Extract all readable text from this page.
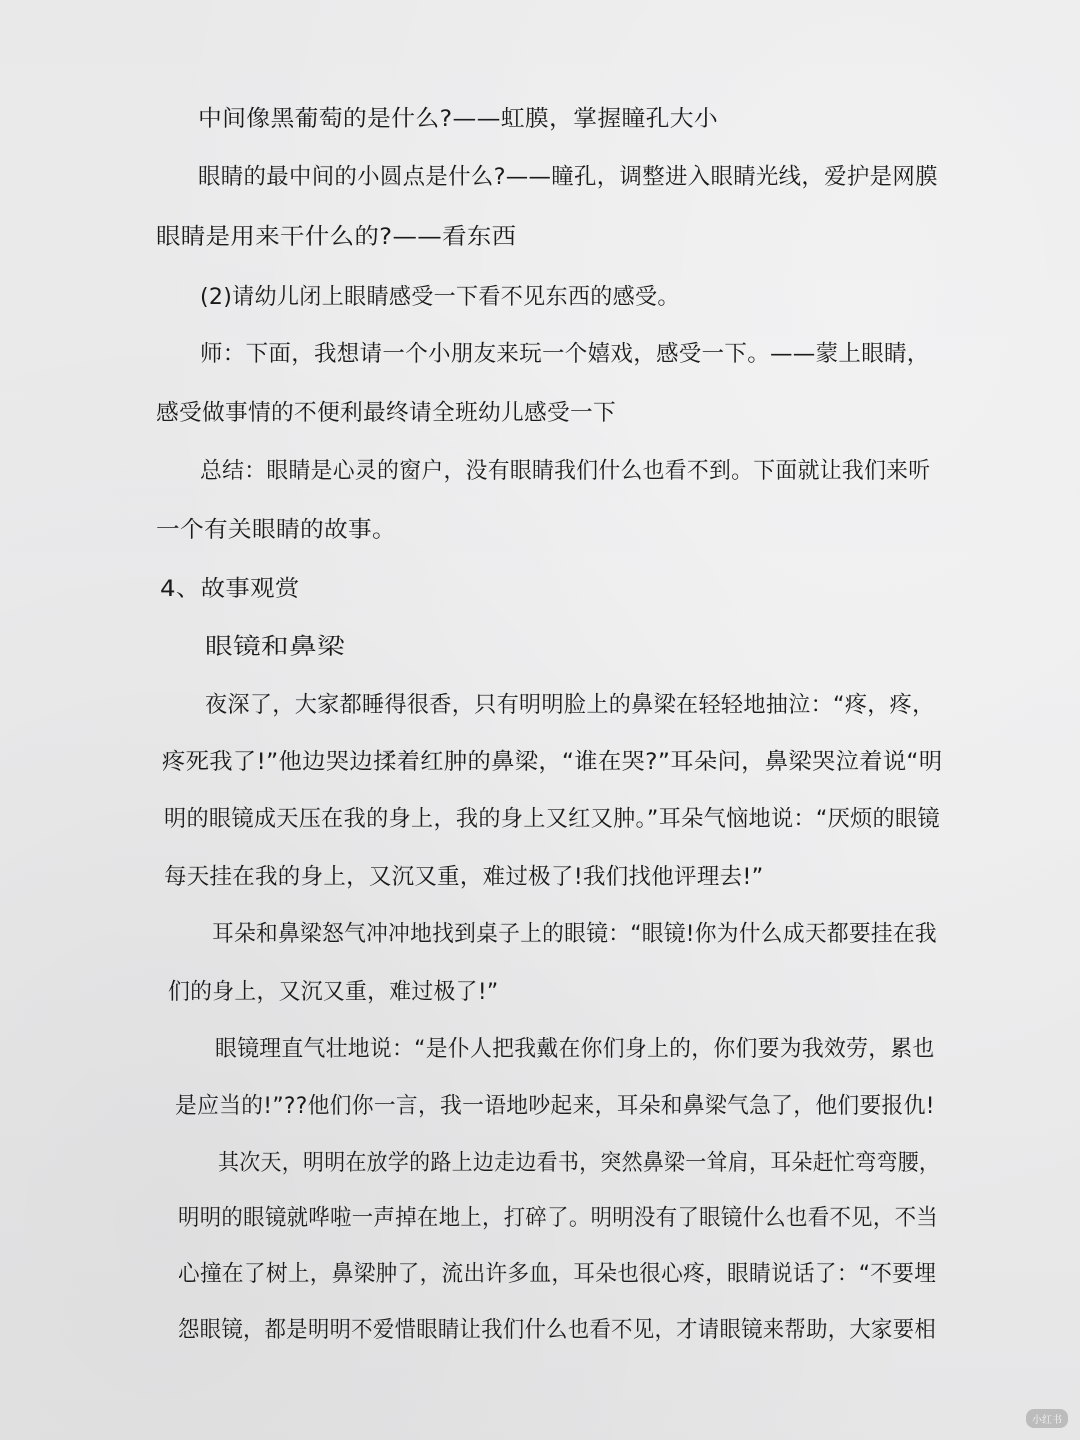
中间像黑葡萄的是什么?——虹膜，掌握瞳孔大小
眼睛的最中间的小圆点是什么?——瞳孔，调整进入眼睛光线，爱护是网膜
眼睛是用来干什么的?——看东西
(2)请幼儿闭上眼睛感受一下看不见东西的感受。
师：下面，我想请一个小朋友来玩一个嬉戏，感受一下。——蒙上眼睛，
感受做事情的不便利最终请全班幼儿感受一下
总结：眼睛是心灵的窗户，没有眼睛我们什么也看不到。下面就让我们来听
一个有关眼睛的故事。
4、故事观赏
眼镜和鼻梁
夜深了，大家都睡得很香，只有明明脸上的鼻梁在轻轻地抽泣：“疼，疼，
疼死我了!”他边哭边揉着红肿的鼻梁，“谁在哭?”耳朵问，鼻梁哭泣着说“明
明的眼镜成天压在我的身上，我的身上又红又肿。”耳朵气恼地说：“厌烦的眼镜
每天挂在我的身上，又沉又重，难过极了!我们找他评理去!”
耳朵和鼻梁怒气冲冲地找到桌子上的眼镜：“眼镜!你为什么成天都要挂在我
们的身上，又沉又重，难过极了!”
眼镜理直气壮地说：“是仆人把我戴在你们身上的，你们要为我效劳，累也
是应当的!”??他们你一言，我一语地吵起来，耳朵和鼻梁气急了，他们要报仇!
其次天，明明在放学的路上边走边看书，突然鼻梁一耸肩，耳朵赶忙弯弯腰，
明明的眼镜就哗啦一声掉在地上，打碎了。明明没有了眼镜什么也看不见，不当
心撞在了树上，鼻梁肿了，流出许多血，耳朵也很心疼，眼睛说话了：“不要埋
怨眼镜，都是明明不爱惜眼睛让我们什么也看不见，才请眼镜来帮助，大家要相
小红书
